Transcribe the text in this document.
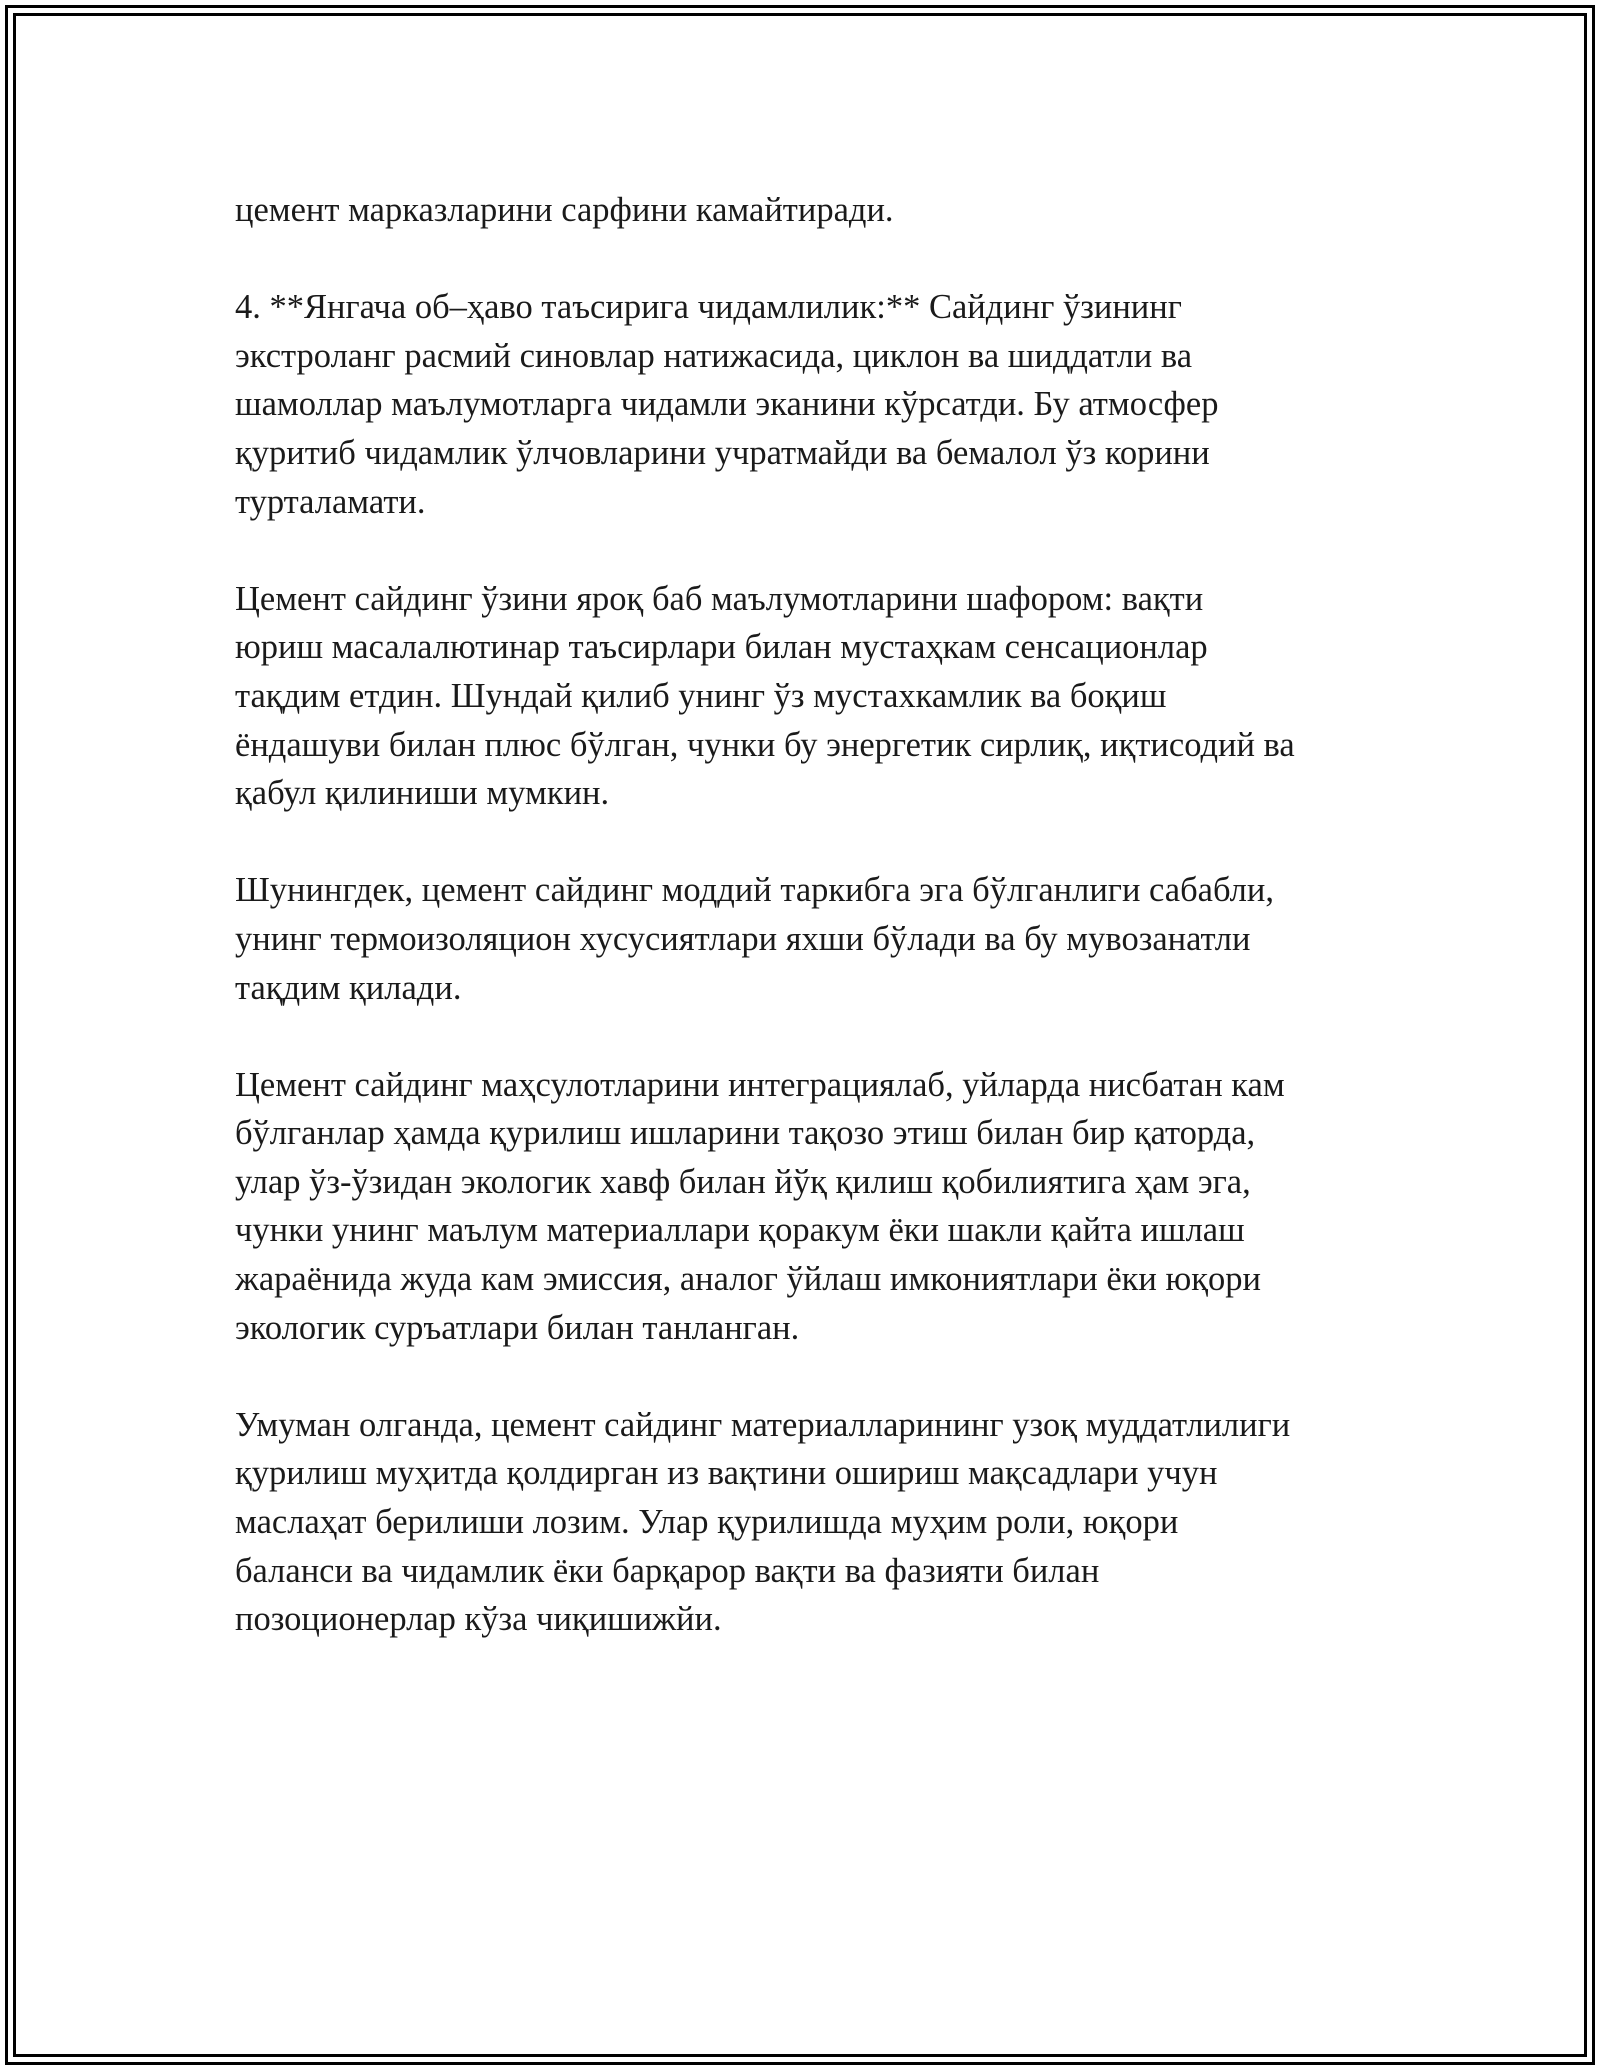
цемент марказларини сарфини камайтиради.

4. **Янгача об–ҳаво таъсирига чидамлилик:** Сайдинг ўзининг
экстроланг расмий синовлар натижасида, циклон ва шиддатли ва
шамоллар маълумотларга чидамли эканини кўрсатди. Бу атмосфер
қуритиб чидамлик ўлчовларини учратмайди ва бемалол ўз корини
турталамати.

Цемент сайдинг ўзини яроқ баб маълумотларини шафором: вақти
юриш масалалютинар таъсирлари билан мустаҳкам сенсационлар
тақдим етдин. Шундай қилиб унинг ўз мустахкамлик ва боқиш
ёндашуви билан плюс бўлган, чунки бу энергетик сирлиқ, иқтисодий ва
қабул қилиниши мумкин.

Шунингдек, цемент сайдинг моддий таркибга эга бўлганлиги сабабли,
унинг термоизоляцион хусусиятлари яхши бўлади ва бу мувозанатли
тақдим қилади.

Цемент сайдинг маҳсулотларини интеграциялаб, уйларда нисбатан кам
бўлганлар ҳамда қурилиш ишларини тақозо этиш билан бир қаторда,
улар ўз-ўзидан экологик хавф билан йўқ қилиш қобилиятига ҳам эга,
чунки унинг маълум материаллари қоракум ёки шакли қайта ишлаш
жараёнида жуда кам эмиссия, аналог ўйлаш имкониятлари ёки юқори
экологик суръатлари билан танланган.

Умуман олганда, цемент сайдинг материалларининг узоқ муддатлилиги
қурилиш муҳитда қолдирган из вақтини ошириш мақсадлари учун
маслаҳат берилиши лозим. Улар қурилишда муҳим роли, юқори
баланси ва чидамлик ёки барқарор вақти ва фазияти билан
позоционерлар кўза чиқишижйи.
